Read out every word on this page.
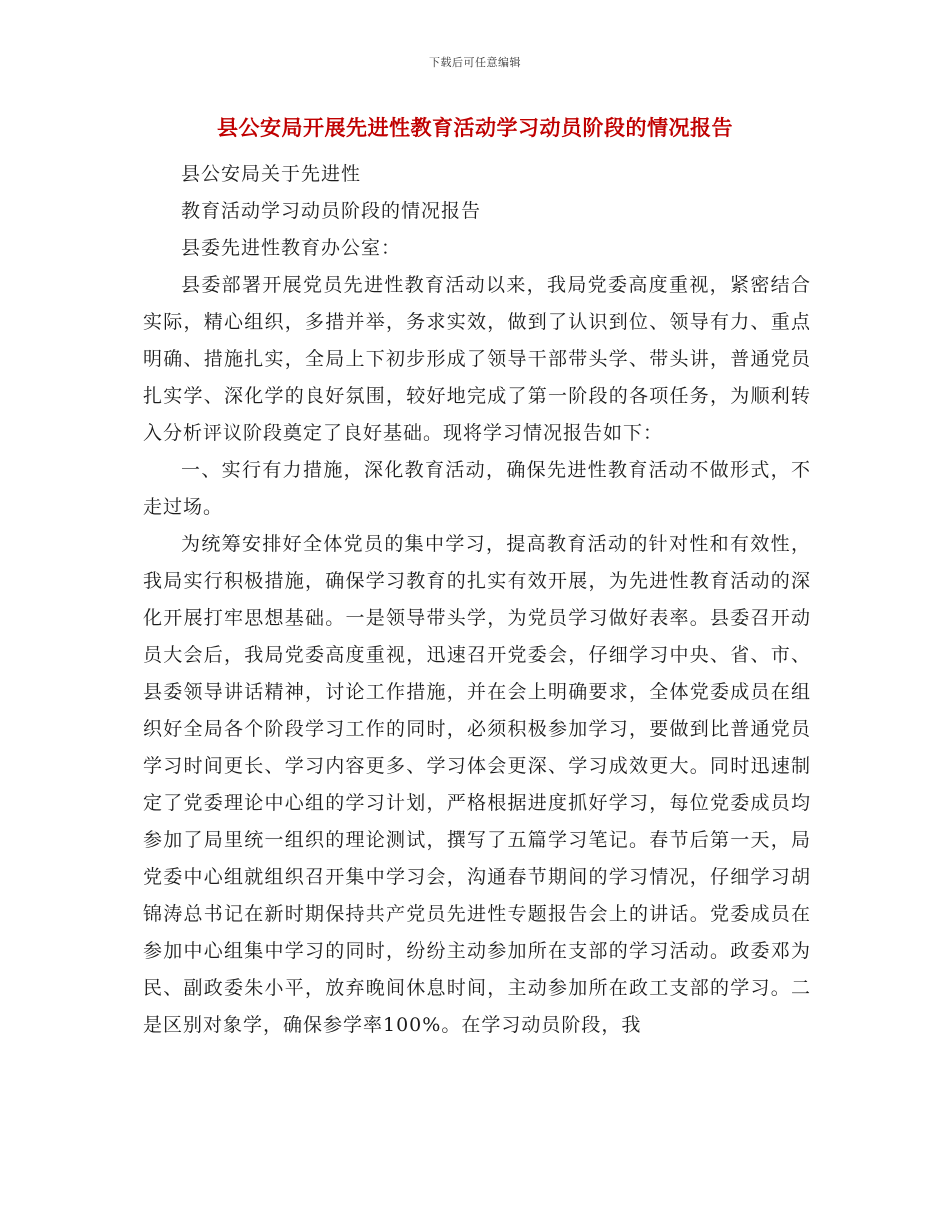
下载后可任意编辑
县公安局开展先进性教育活动学习动员阶段的情况报告

县公安局关于先进性

教育活动学习动员阶段的情况报告

县委先进性教育办公室：

县委部署开展党员先进性教育活动以来，我局党委高度重视，紧密结合实际，精心组织，多措并举，务求实效，做到了认识到位、领导有力、重点明确、措施扎实，全局上下初步形成了领导干部带头学、带头讲，普通党员扎实学、深化学的良好氛围，较好地完成了第一阶段的各项任务，为顺利转入分析评议阶段奠定了良好基础。现将学习情况报告如下：

一、实行有力措施，深化教育活动，确保先进性教育活动不做形式，不走过场。

为统筹安排好全体党员的集中学习，提高教育活动的针对性和有效性，我局实行积极措施，确保学习教育的扎实有效开展，为先进性教育活动的深化开展打牢思想基础。一是领导带头学，为党员学习做好表率。县委召开动员大会后，我局党委高度重视，迅速召开党委会，仔细学习中央、省、市、县委领导讲话精神，讨论工作措施，并在会上明确要求，全体党委成员在组织好全局各个阶段学习工作的同时，必须积极参加学习，要做到比普通党员学习时间更长、学习内容更多、学习体会更深、学习成效更大。同时迅速制定了党委理论中心组的学习计划，严格根据进度抓好学习，每位党委成员均参加了局里统一组织的理论测试，撰写了五篇学习笔记。春节后第一天，局党委中心组就组织召开集中学习会，沟通春节期间的学习情况，仔细学习胡锦涛总书记在新时期保持共产党员先进性专题报告会上的讲话。党委成员在参加中心组集中学习的同时，纷纷主动参加所在支部的学习活动。政委邓为民、副政委朱小平，放弃晚间休息时间，主动参加所在政工支部的学习。二是区别对象学，确保参学率100%。在学习动员阶段，我
